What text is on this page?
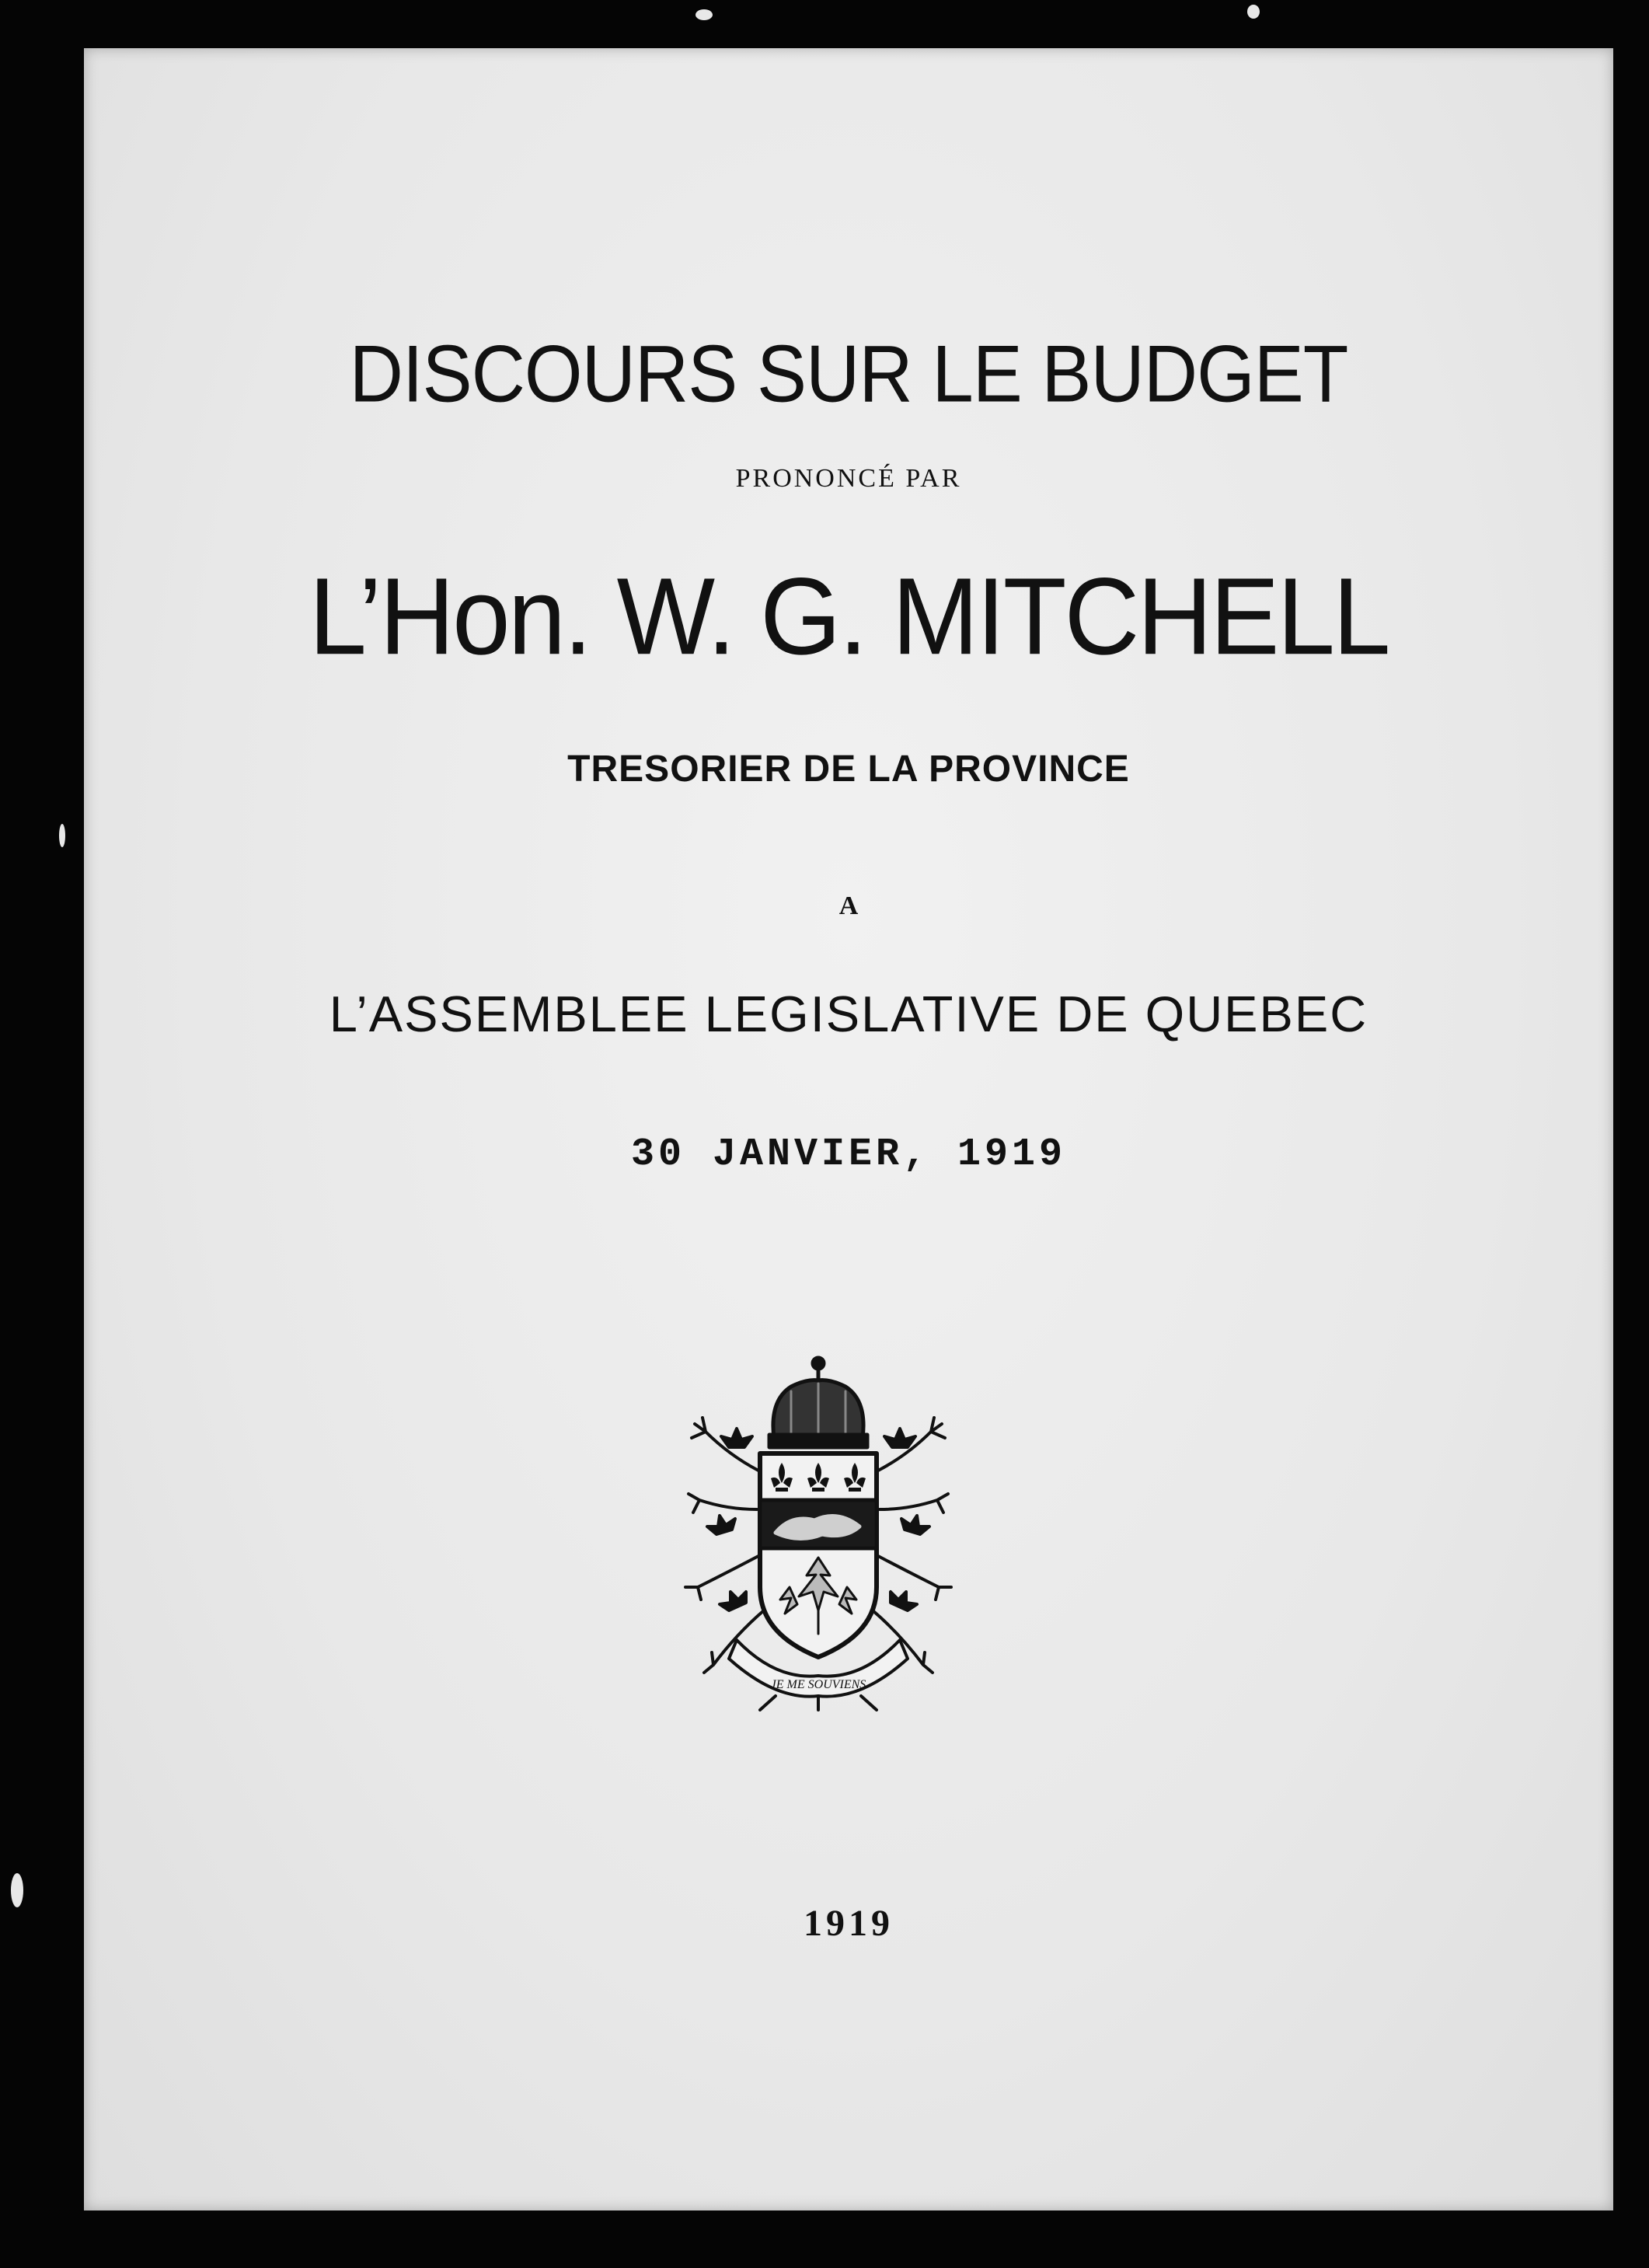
DISCOURS SUR LE BUDGET
PRONONCÉ PAR
L’Hon. W. G. MITCHELL
TRESORIER DE LA PROVINCE
A
L’ASSEMBLEE LEGISLATIVE DE QUEBEC
30 JANVIER, 1919
JE ME SOUVIENS
1919
